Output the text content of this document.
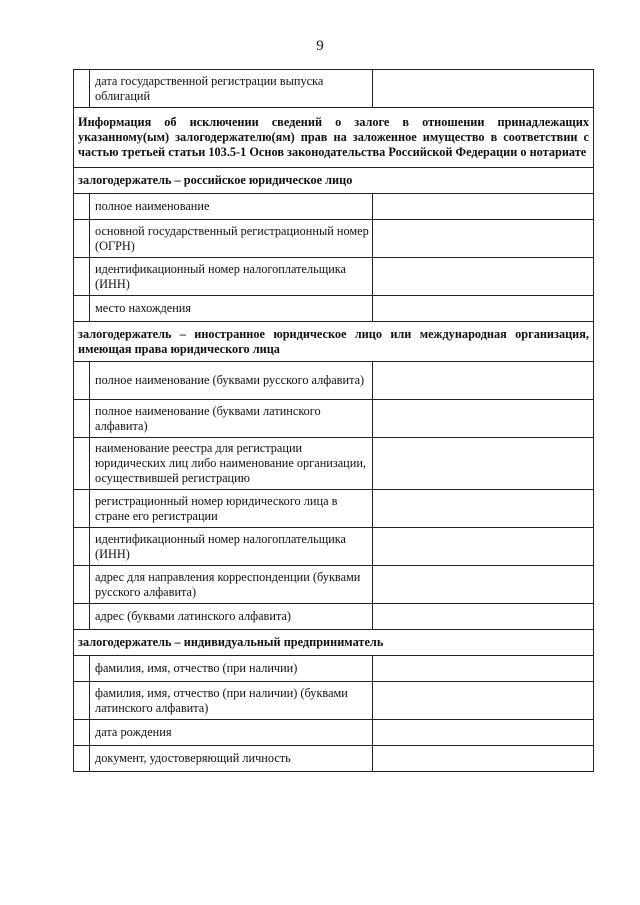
9
	дата государственной регистрации выпуска облигаций	
Информация об исключении сведений о залоге в отношении принадлежащих указанному(ым) залогодержателю(ям) прав на заложенное имущество в соответствии с частью третьей статьи 103.5-1 Основ законодательства Российской Федерации о нотариате		
залогодержатель – российское юридическое лицо		
	полное наименование	
	основной государственный регистрационный номер (ОГРН)	
	идентификационный номер налогоплательщика (ИНН)	
	место нахождения	
залогодержатель – иностранное юридическое лицо или международная организация, имеющая права юридического лица		
	полное наименование (буквами русского алфавита)	
	полное наименование (буквами латинского алфавита)	
	наименование реестра для регистрации юридических лиц либо наименование организации, осуществившей регистрацию	
	регистрационный номер юридического лица в стране его регистрации	
	идентификационный номер налогоплательщика (ИНН)	
	адрес для направления корреспонденции (буквами русского алфавита)	
	адрес (буквами латинского алфавита)	
залогодержатель – индивидуальный предприниматель		
	фамилия, имя, отчество (при наличии)	
	фамилия, имя, отчество (при наличии) (буквами латинского алфавита)	
	дата рождения	
	документ, удостоверяющий личность	
